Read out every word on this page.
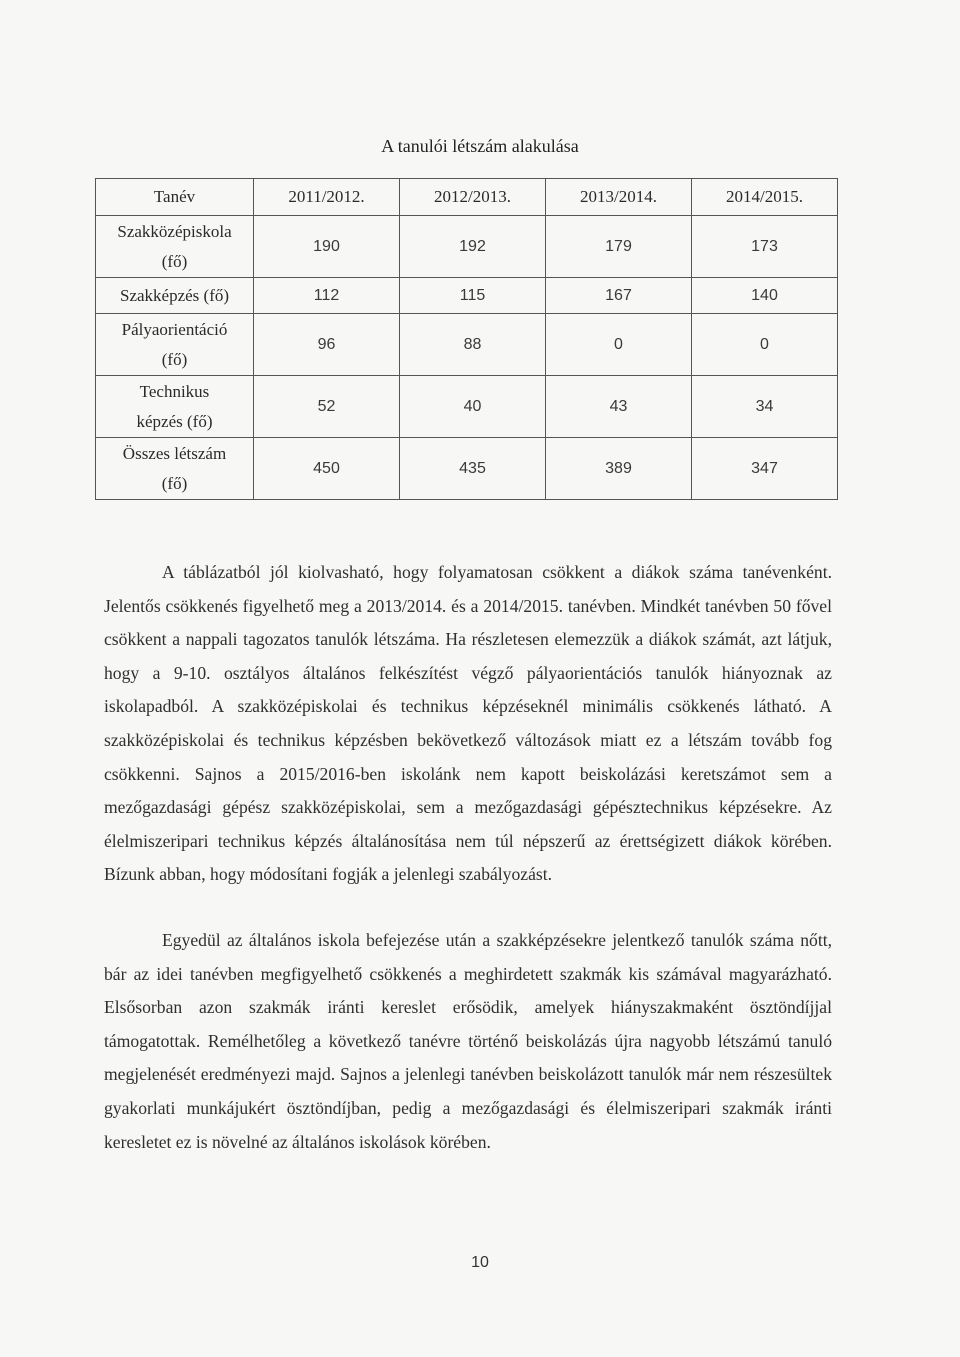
A tanulói létszám alakulása
Tanév	2011/2012.	2012/2013.	2013/2014.	2014/2015.

Szakközépiskola
(fő)	190	192	179	173

Szakképzés (fő)	112	115	167	140

Pályaorientáció
(fő)	96	88	0	0

Technikus
képzés (fő)	52	40	43	34

Összes létszám
(fő)	450	435	389	347

A táblázatból jól kiolvasható, hogy folyamatosan csökkent a diákok száma tanévenként. Jelentős csökkenés figyelhető meg a 2013/2014. és a 2014/2015. tanévben. Mindkét tanévben 50 fővel csökkent a nappali tagozatos tanulók létszáma. Ha részletesen elemezzük a diákok számát, azt látjuk, hogy a 9-10. osztályos általános felkészítést végző pályaorientációs tanulók hiányoznak az iskolapadból. A szakközépiskolai és technikus képzéseknél minimális csökkenés látható. A szakközépiskolai és technikus képzésben bekövetkező változások miatt ez a létszám tovább fog csökkenni. Sajnos a 2015/2016-ben iskolánk nem kapott beiskolázási keretszámot sem a mezőgazdasági gépész szakközépiskolai, sem a mezőgazdasági gépésztechnikus képzésekre. Az élelmiszeripari technikus képzés általánosítása nem túl népszerű az érettségizett diákok körében. Bízunk abban, hogy módosítani fogják a jelenlegi szabályozást.

Egyedül az általános iskola befejezése után a szakképzésekre jelentkező tanulók száma nőtt, bár az idei tanévben megfigyelhető csökkenés a meghirdetett szakmák kis számával magyarázható. Elsősorban azon szakmák iránti kereslet erősödik, amelyek hiányszakmaként ösztöndíjjal támogatottak. Remélhetőleg a következő tanévre történő beiskolázás újra nagyobb létszámú tanuló megjelenését eredményezi majd. Sajnos a jelenlegi tanévben beiskolázott tanulók már nem részesültek gyakorlati munkájukért ösztöndíjban, pedig a mezőgazdasági és élelmiszeripari szakmák iránti keresletet ez is növelné az általános iskolások körében.

10
